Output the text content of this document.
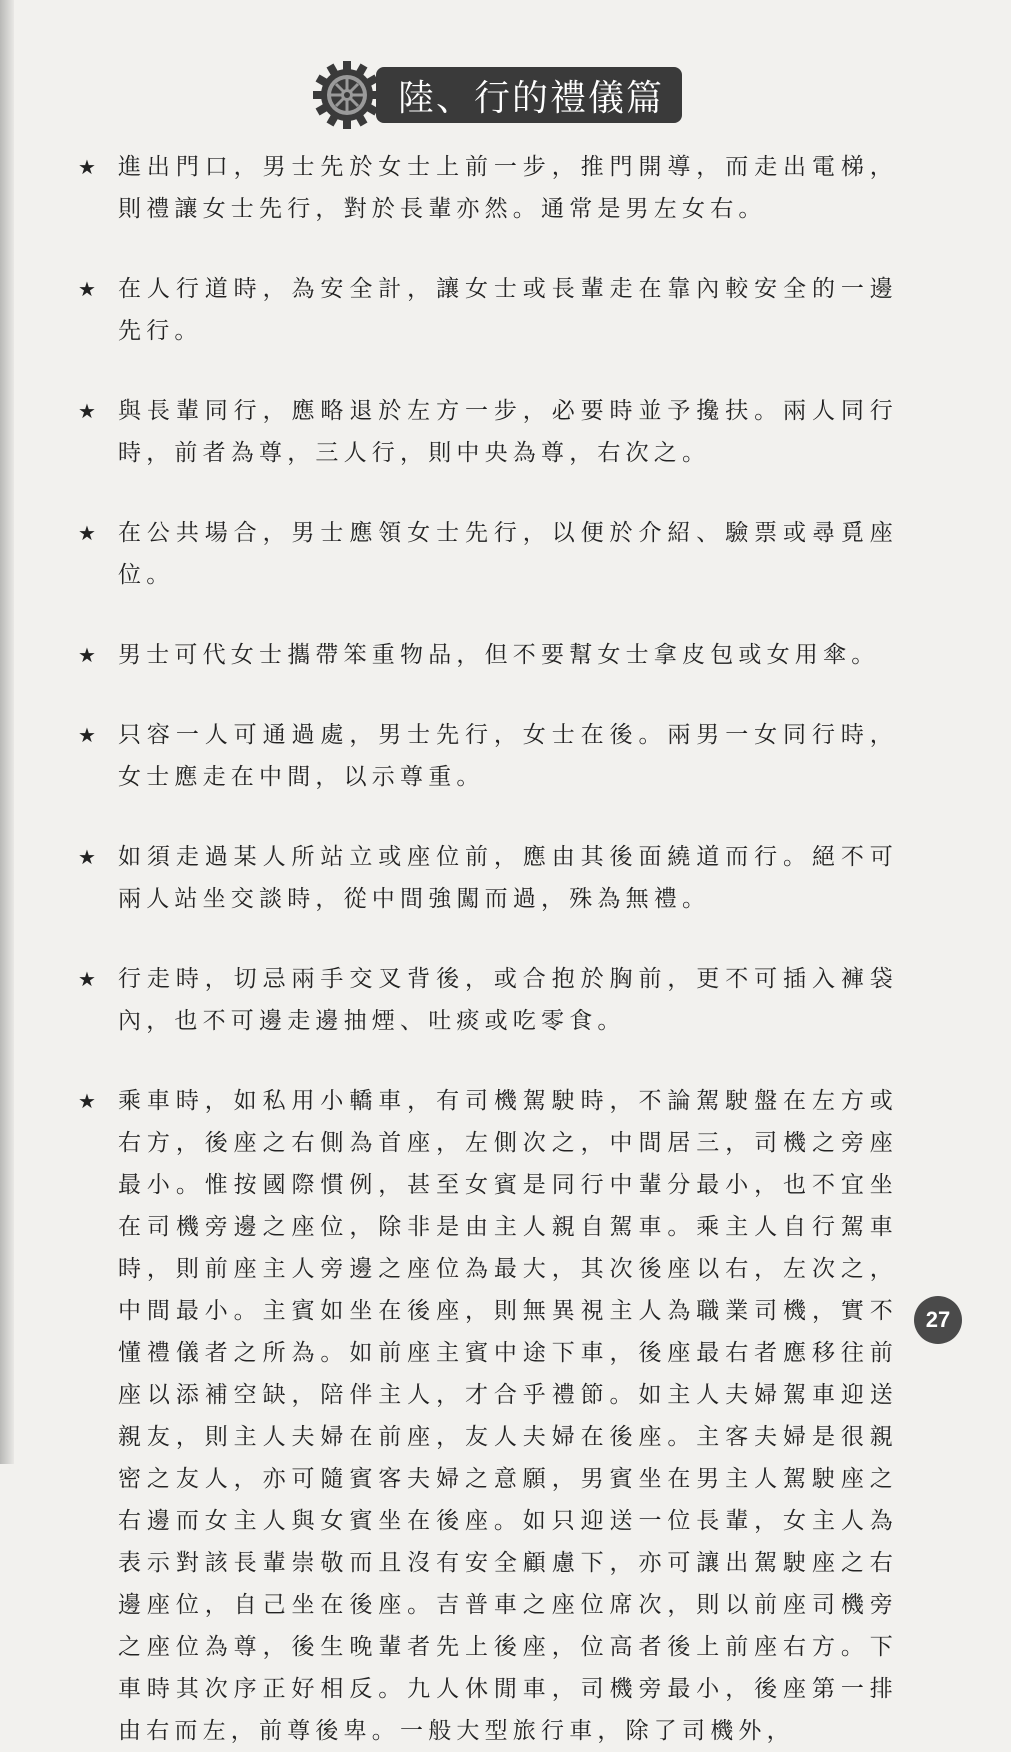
陸、行的禮儀篇
★ 進出門口，男士先於女士上前一步，推門開導，而走出電梯，則禮讓女士先行，對於長輩亦然。通常是男左女右。
★ 在人行道時，為安全計，讓女士或長輩走在靠內較安全的一邊先行。
★ 與長輩同行，應略退於左方一步，必要時並予攙扶。兩人同行時，前者為尊，三人行，則中央為尊，右次之。
★ 在公共場合，男士應領女士先行，以便於介紹、驗票或尋覓座位。
★ 男士可代女士攜帶笨重物品，但不要幫女士拿皮包或女用傘。
★ 只容一人可通過處，男士先行，女士在後。兩男一女同行時，女士應走在中間，以示尊重。
★ 如須走過某人所站立或座位前，應由其後面繞道而行。絕不可兩人站坐交談時，從中間強闖而過，殊為無禮。
★ 行走時，切忌兩手交叉背後，或合抱於胸前，更不可插入褲袋內，也不可邊走邊抽煙、吐痰或吃零食。
★ 乘車時，如私用小轎車，有司機駕駛時，不論駕駛盤在左方或右方，後座之右側為首座，左側次之，中間居三，司機之旁座最小。惟按國際慣例，甚至女賓是同行中輩分最小，也不宜坐在司機旁邊之座位，除非是由主人親自駕車。乘主人自行駕車時，則前座主人旁邊之座位為最大，其次後座以右，左次之，中間最小。主賓如坐在後座，則無異視主人為職業司機，實不懂禮儀者之所為。如前座主賓中途下車，後座最右者應移往前座以添補空缺，陪伴主人，才合乎禮節。如主人夫婦駕車迎送親友，則主人夫婦在前座，友人夫婦在後座。主客夫婦是很親密之友人，亦可隨賓客夫婦之意願，男賓坐在男主人駕駛座之右邊而女主人與女賓坐在後座。如只迎送一位長輩，女主人為表示對該長輩崇敬而且沒有安全顧慮下，亦可讓出駕駛座之右邊座位，自己坐在後座。吉普車之座位席次，則以前座司機旁之座位為尊，後生晚輩者先上後座，位高者後上前座右方。下車時其次序正好相反。九人休閒車，司機旁最小，後座第一排由右而左，前尊後卑。一般大型旅行車，除了司機外，
27
